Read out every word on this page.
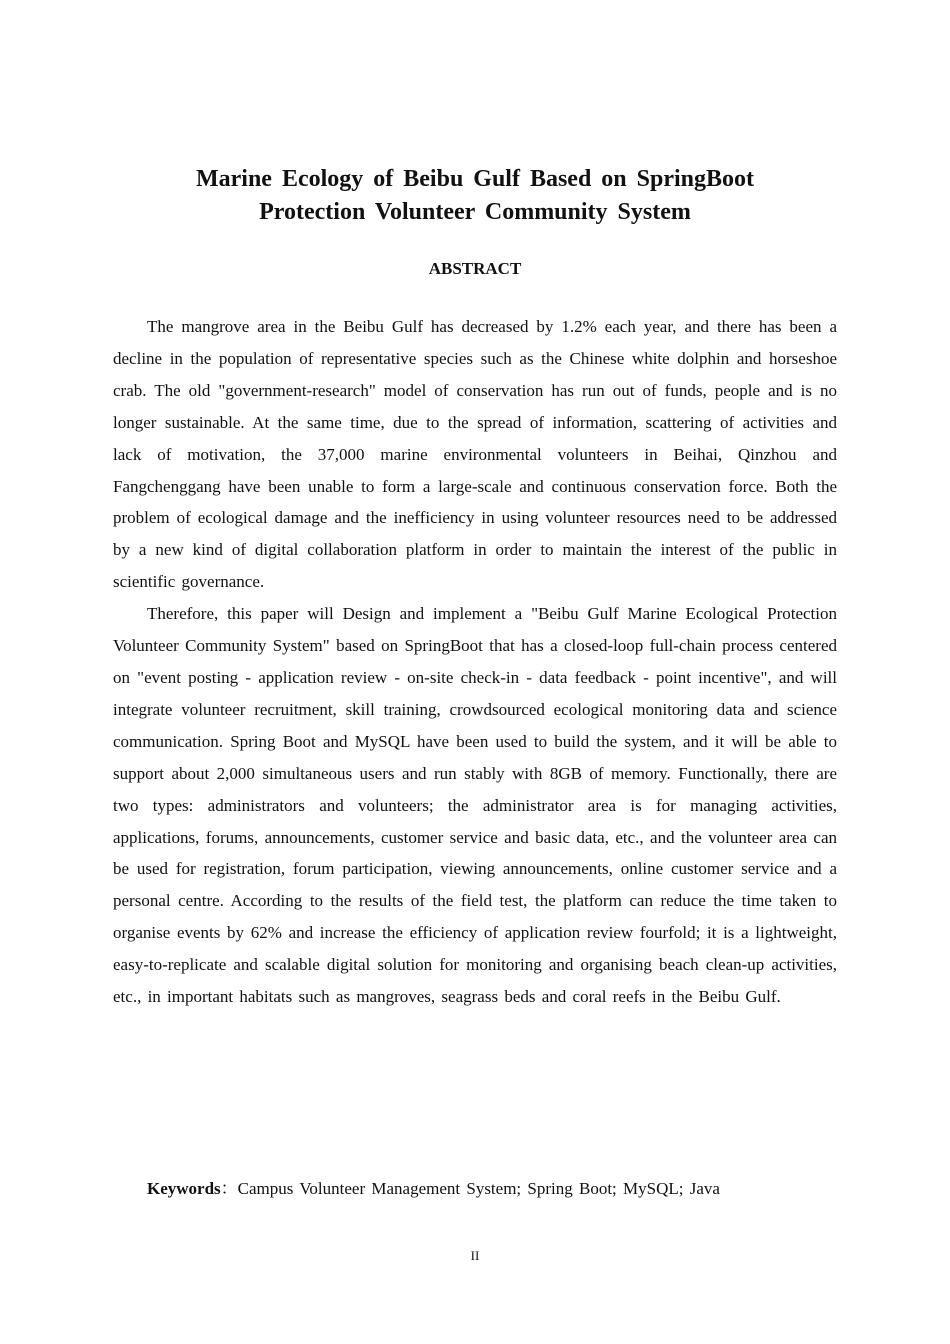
Marine Ecology of Beibu Gulf Based on SpringBoot
Protection Volunteer Community System
ABSTRACT

The mangrove area in the Beibu Gulf has decreased by 1.2% each year, and there has been a decline in the population of representative species such as the Chinese white dolphin and horseshoe crab. The old "government-research" model of conservation has run out of funds, people and is no longer sustainable. At the same time, due to the spread of information, scattering of activities and lack of motivation, the 37,000 marine environmental volunteers in Beihai, Qinzhou and Fangchenggang have been unable to form a large-scale and continuous conservation force. Both the problem of ecological damage and the inefficiency in using volunteer resources need to be addressed by a new kind of digital collaboration platform in order to maintain the interest of the public in scientific governance.

Therefore, this paper will Design and implement a "Beibu Gulf Marine Ecological Protection Volunteer Community System" based on SpringBoot that has a closed-loop full-chain process centered on "event posting - application review - on-site check-in - data feedback - point incentive", and will integrate volunteer recruitment, skill training, crowdsourced ecological monitoring data and science communication. Spring Boot and MySQL have been used to build the system, and it will be able to support about 2,000 simultaneous users and run stably with 8GB of memory. Functionally, there are two types: administrators and volunteers; the administrator area is for managing activities, applications, forums, announcements, customer service and basic data, etc., and the volunteer area can be used for registration, forum participation, viewing announcements, online customer service and a personal centre. According to the results of the field test, the platform can reduce the time taken to organise events by 62% and increase the efficiency of application review fourfold; it is a lightweight, easy-to-replicate and scalable digital solution for monitoring and organising beach clean-up activities, etc., in important habitats such as mangroves, seagrass beds and coral reefs in the Beibu Gulf.

Keywords：Campus Volunteer Management System; Spring Boot; MySQL; Java

II
